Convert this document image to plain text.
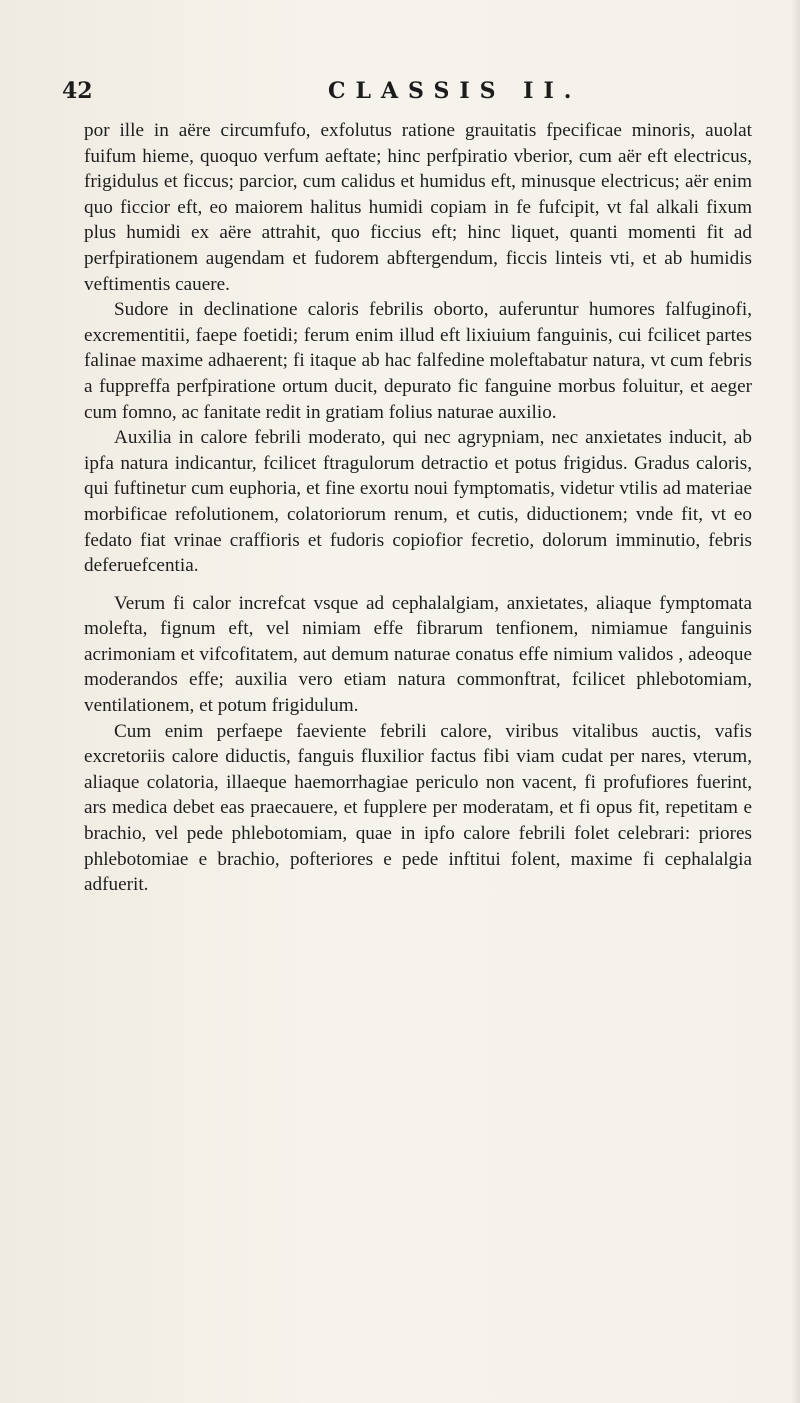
42	CLASSIS II.

por ille in aëre circumfufo, exfolutus ratione grauitatis fpecificae minoris, auolat fuifum hieme, quoquo verfum aeftate; hinc perfpiratio vberior, cum aër eft electricus, frigidulus et ficcus; parcior, cum calidus et humidus eft, minusque electricus; aër enim quo ficcior eft, eo maiorem halitus humidi copiam in fe fufcipit, vt fal alkali fixum plus humidi ex aëre attrahit, quo ficcius eft; hinc liquet, quanti momenti fit ad perfpirationem augendam et fudorem abftergendum, ficcis linteis vti, et ab humidis veftimentis cauere.

Sudore in declinatione caloris febrilis oborto, auferuntur humores falfuginofi, excrementitii, faepe foetidi; ferum enim illud eft lixiuium fanguinis, cui fcilicet partes falinae maxime adhaerent; fi itaque ab hac falfedine moleftabatur natura, vt cum febris a fuppreffa perfpiratione ortum ducit, depurato fic fanguine morbus foluitur, et aeger cum fomno, ac fanitate redit in gratiam folius naturae auxilio.

Auxilia in calore febrili moderato, qui nec agrypniam, nec anxietates inducit, ab ipfa natura indicantur, fcilicet ftragulorum detractio et potus frigidus. Gradus caloris, qui fuftinetur cum euphoria, et fine exortu noui fymptomatis, videtur vtilis ad materiae morbificae refolutionem, colatoriorum renum, et cutis, diductionem; vnde fit, vt eo fedato fiat vrinae craffioris et fudoris copiofior fecretio, dolorum imminutio, febris deferuefcentia.

Verum fi calor increfcat vsque ad cephalalgiam, anxietates, aliaque fymptomata molefta, fignum eft, vel nimiam effe fibrarum tenfionem, nimiamue fanguinis acrimoniam et vifcofitatem, aut demum naturae conatus effe nimium validos , adeoque moderandos effe; auxilia vero etiam natura commonftrat, fcilicet phlebotomiam, ventilationem, et potum frigidulum.

Cum enim perfaepe faeviente febrili calore, viribus vitalibus auctis, vafis excretoriis calore diductis, fanguis fluxilior factus fibi viam cudat per nares, vterum, aliaque colatoria, illaeque haemorrhagiae periculo non vacent, fi profufiores fuerint, ars medica debet eas praecauere, et fupplere per moderatam, et fi opus fit, repetitam e brachio, vel pede phlebotomiam, quae in ipfo calore febrili folet celebrari: priores phlebotomiae e brachio, pofteriores e pede inftitui folent, maxime fi cephalalgia adfuerit.
